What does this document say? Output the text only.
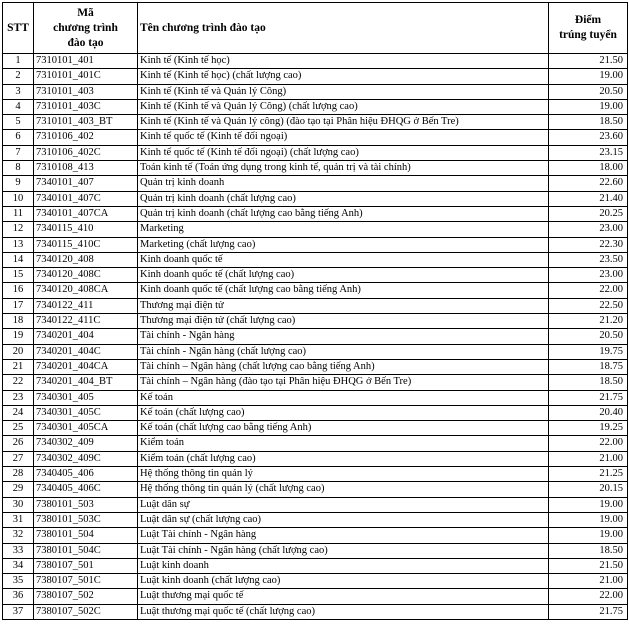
STT	Mã
chương trình
đào tạo	Tên chương trình đào tạo	Điểm
trúng tuyển

1	7310101_401	Kinh tế (Kinh tế học)	21.50
2	7310101_401C	Kinh tế (Kinh tế học) (chất lượng cao)	19.00
3	7310101_403	Kinh tế (Kinh tế và Quản lý Công)	20.50
4	7310101_403C	Kinh tế (Kinh tế và Quản lý Công) (chất lượng cao)	19.00
5	7310101_403_BT	Kinh tế (Kinh tế và Quản lý công) (đào tạo tại Phân hiệu ĐHQG ở Bến Tre)	18.50
6	7310106_402	Kinh tế quốc tế (Kinh tế đối ngoại)	23.60
7	7310106_402C	Kinh tế quốc tế (Kinh tế đối ngoại) (chất lượng cao)	23.15
8	7310108_413	Toán kinh tế (Toán ứng dụng trong kinh tế, quản trị và tài chính)	18.00
9	7340101_407	Quản trị kinh doanh	22.60
10	7340101_407C	Quản trị kinh doanh (chất lượng cao)	21.40
11	7340101_407CA	Quản trị kinh doanh (chất lượng cao bằng tiếng Anh)	20.25
12	7340115_410	Marketing	23.00
13	7340115_410C	Marketing (chất lượng cao)	22.30
14	7340120_408	Kinh doanh quốc tế	23.50
15	7340120_408C	Kinh doanh quốc tế (chất lượng cao)	23.00
16	7340120_408CA	Kinh doanh quốc tế (chất lượng cao bằng tiếng Anh)	22.00
17	7340122_411	Thương mại điện tử	22.50
18	7340122_411C	Thương mại điện tử (chất lượng cao)	21.20
19	7340201_404	Tài chính - Ngân hàng	20.50
20	7340201_404C	Tài chính - Ngân hàng (chất lượng cao)	19.75
21	7340201_404CA	Tài chính – Ngân hàng (chất lượng cao bằng tiếng Anh)	18.75
22	7340201_404_BT	Tài chính – Ngân hàng (đào tạo tại Phân hiệu ĐHQG ở Bến Tre)	18.50
23	7340301_405	Kế toán	21.75
24	7340301_405C	Kế toán (chất lượng cao)	20.40
25	7340301_405CA	Kế toán (chất lượng cao bằng tiếng Anh)	19.25
26	7340302_409	Kiểm toán	22.00
27	7340302_409C	Kiểm toán (chất lượng cao)	21.00
28	7340405_406	Hệ thống thông tin quản lý	21.25
29	7340405_406C	Hệ thống thông tin quản lý (chất lượng cao)	20.15
30	7380101_503	Luật dân sự	19.00
31	7380101_503C	Luật dân sự (chất lượng cao)	19.00
32	7380101_504	Luật Tài chính - Ngân hàng	19.00
33	7380101_504C	Luật Tài chính - Ngân hàng (chất lượng cao)	18.50
34	7380107_501	Luật kinh doanh	21.50
35	7380107_501C	Luật kinh doanh (chất lượng cao)	21.00
36	7380107_502	Luật thương mại quốc tế	22.00
37	7380107_502C	Luật thương mại quốc tế (chất lượng cao)	21.75
